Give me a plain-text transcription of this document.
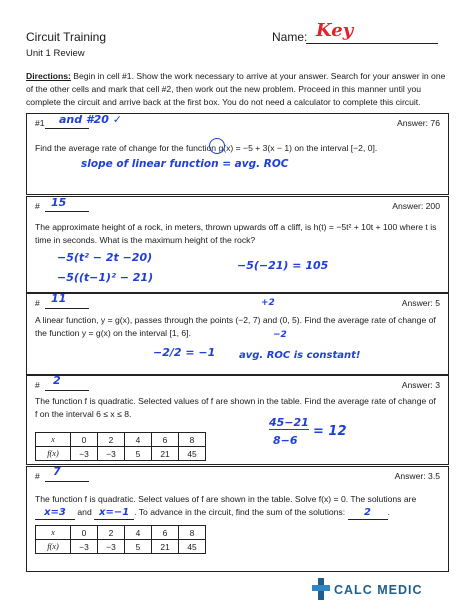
Circuit Training
Unit 1 Review
Name: Key
Directions: Begin in cell #1. Show the work necessary to arrive at your answer. Search for your answer in one of the other cells and mark that cell #2, then work out the new problem. Proceed in this manner until you complete the circuit and arrive back at the first box. You do not need a calculator to complete this circuit.
#1 and #20 ✓	Answer: 76
Find the average rate of change for the function g(x) = −5 + 3(x − 1) on the interval [−2, 0].
slope of linear function = avg. ROC
# 15	Answer: 200
The approximate height of a rock, in meters, thrown upwards off a cliff, is h(t) = −5t² + 10t + 100 where t is time in seconds. What is the maximum height of the rock?
−5(t² − 2t −20)
−5((t−1)² − 21)
−5(−21) = 105
# 11	+2	Answer: 5
A linear function, y = g(x), passes through the points (−2, 7) and (0, 5). Find the average rate of change of the function y = g(x) on the interval [1, 6].	−2
−2/2 = −1 avg. ROC is constant!
# 2	Answer: 3
The function f is quadratic. Selected values of f are shown in the table. Find the average rate of change of f on the interval 6 ≤ x ≤ 8.
x	0	2	4	6	8
f(x)	−3	−3	5	21	45
45−21
8−6
= 12
# 7	Answer: 3.5
The function f is quadratic. Select values of f are shown in the table. Solve f(x) = 0. The solutions are
x=3 and x=−1 . To advance in the circuit, find the sum of the solutions: 2 .
x	0	2	4	6	8
f(x)	−3	−3	5	21	45
CALC MEDIC
